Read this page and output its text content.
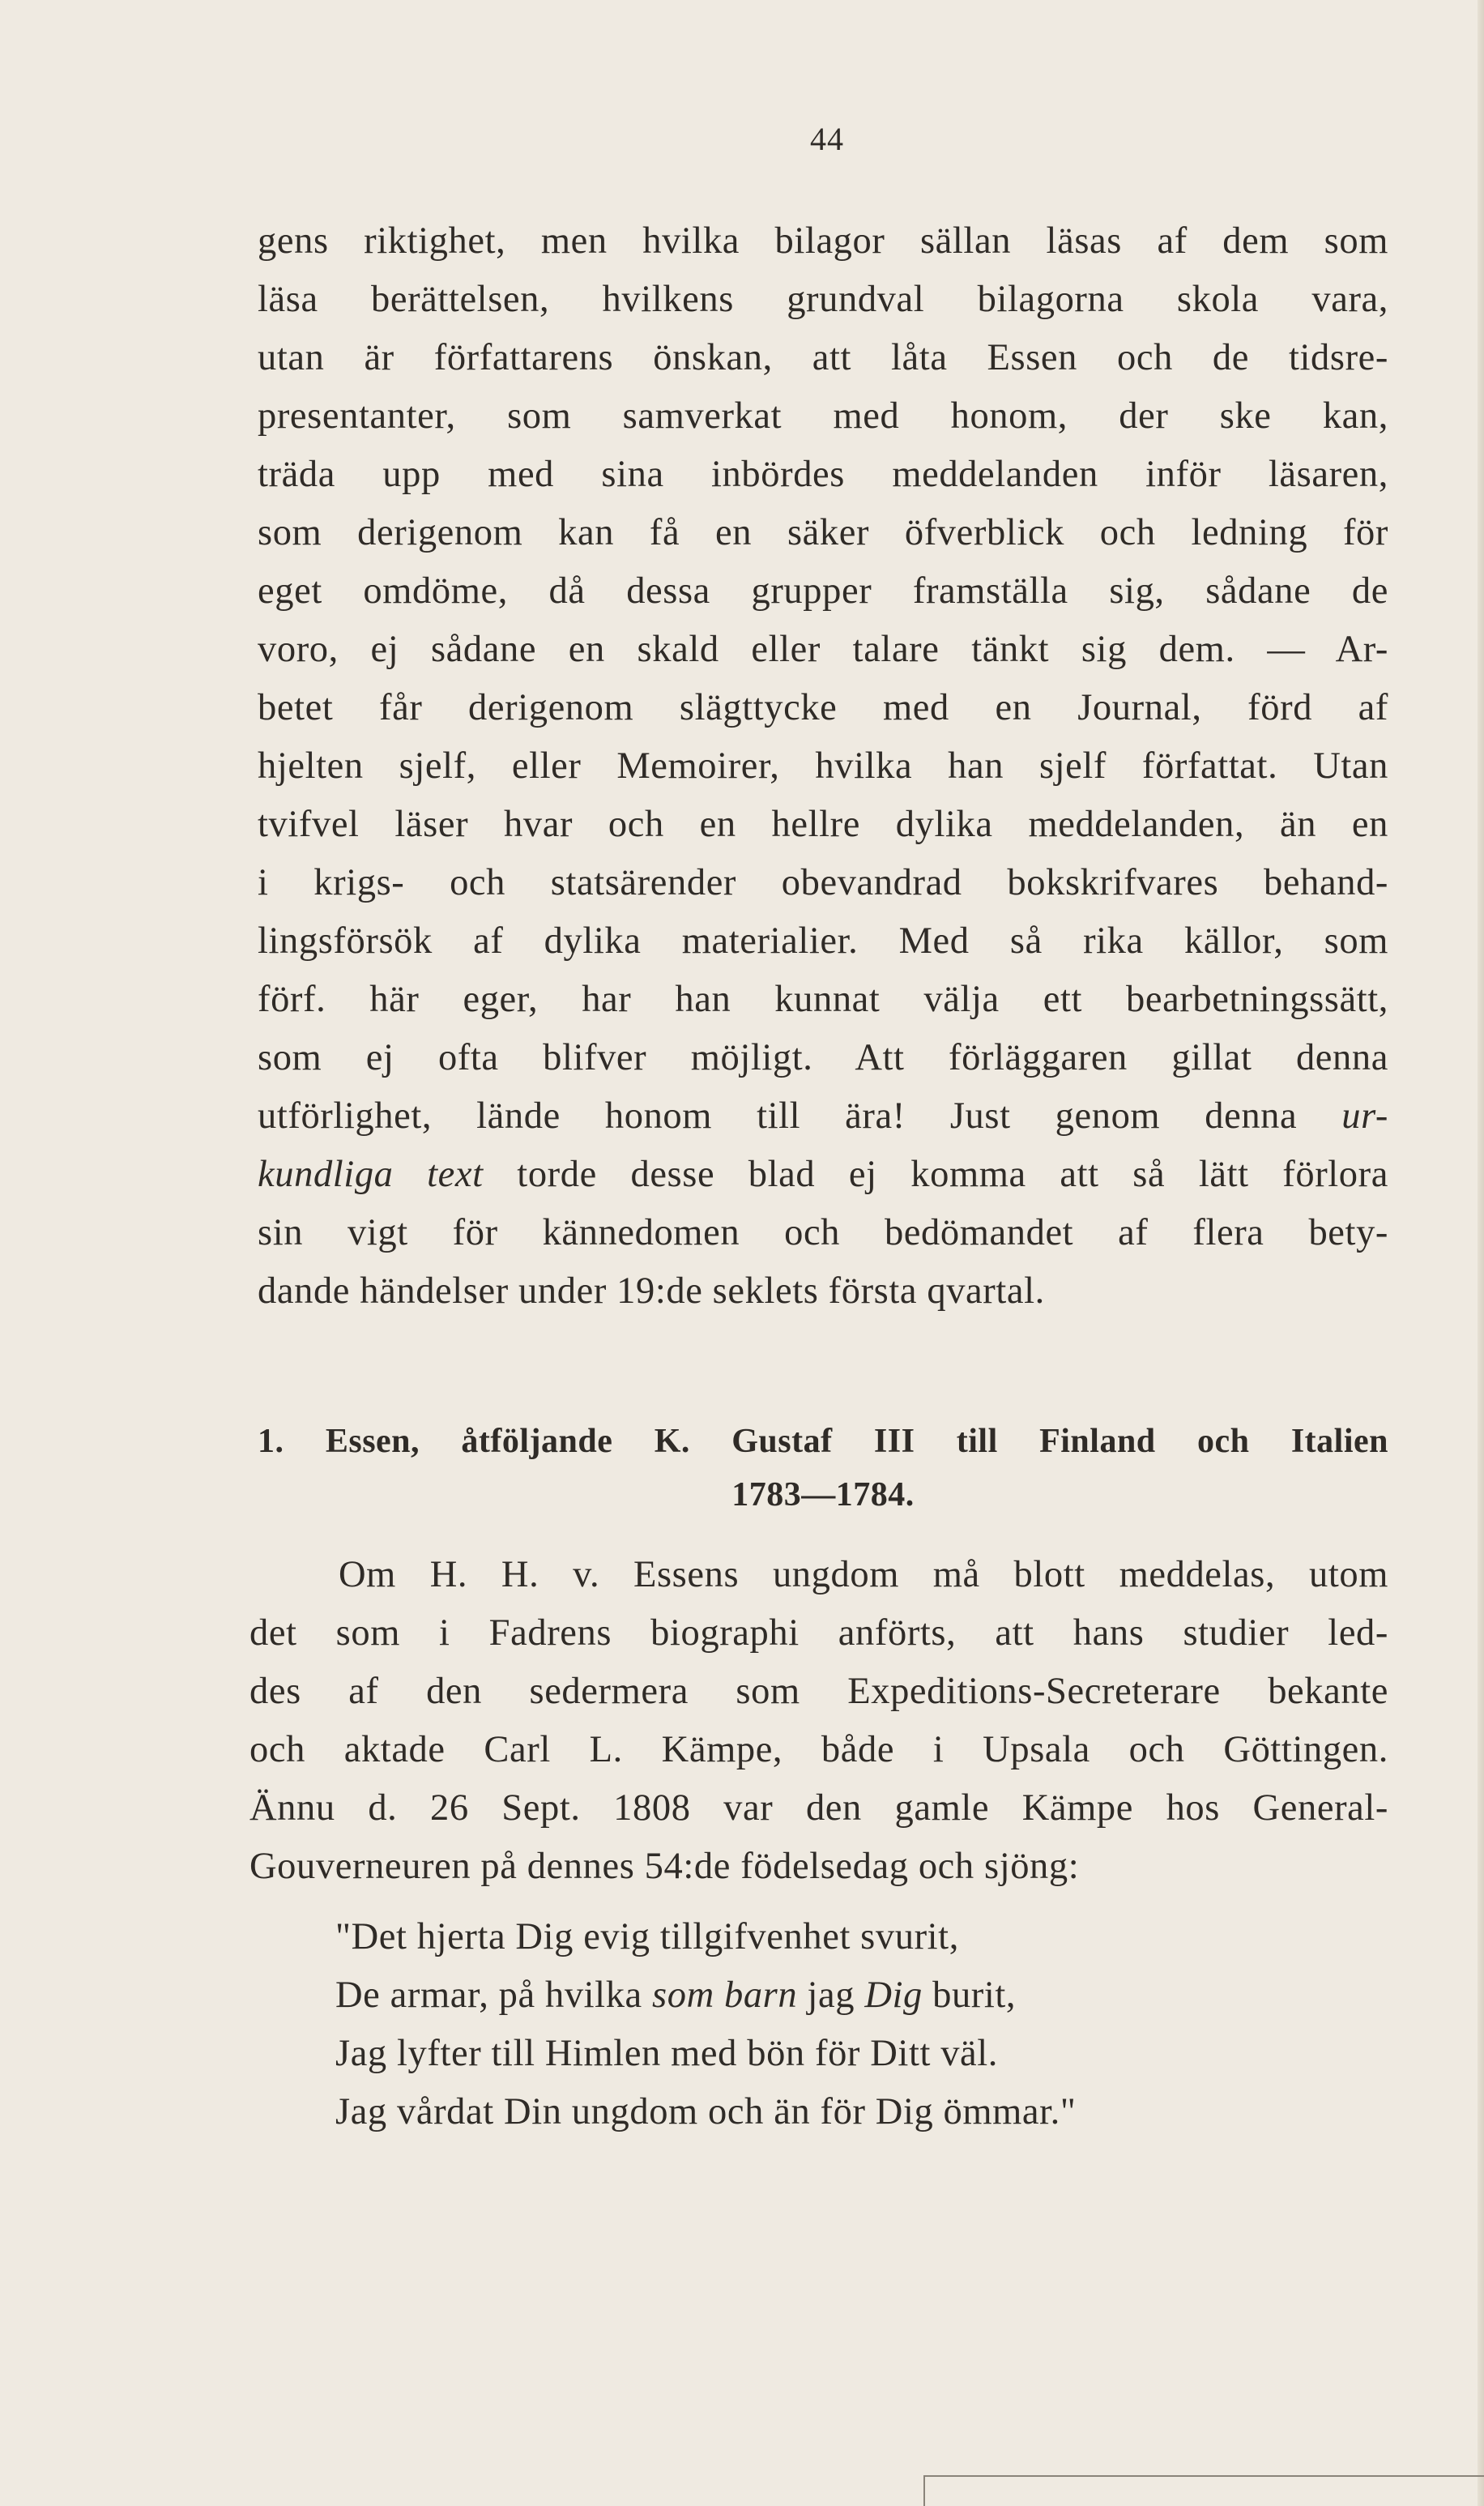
44
gens riktighet, men hvilka bilagor sällan läsas af dem som
läsa berättelsen, hvilkens grundval bilagorna skola vara,
utan är författarens önskan, att låta Essen och de tidsre-
presentanter, som samverkat med honom, der ske kan,
träda upp med sina inbördes meddelanden inför läsaren,
som derigenom kan få en säker öfverblick och ledning för
eget omdöme, då dessa grupper framställa sig, sådane de
voro, ej sådane en skald eller talare tänkt sig dem. — Ar-
betet får derigenom slägttycke med en Journal, förd af
hjelten sjelf, eller Memoirer, hvilka han sjelf författat. Utan
tvifvel läser hvar och en hellre dylika meddelanden, än en
i krigs- och statsärender obevandrad bokskrifvares behand-
lingsförsök af dylika materialier. Med så rika källor, som
förf. här eger, har han kunnat välja ett bearbetningssätt,
som ej ofta blifver möjligt. Att förläggaren gillat denna
utförlighet, lände honom till ära! Just genom denna ur-
kundliga text torde desse blad ej komma att så lätt förlora
sin vigt för kännedomen och bedömandet af flera bety-
dande händelser under 19:de seklets första qvartal.
1. Essen, åtföljande K. Gustaf III till Finland och Italien
1783—1784.
Om H. H. v. Essens ungdom må blott meddelas, utom
det som i Fadrens biographi anförts, att hans studier led-
des af den sedermera som Expeditions-Secreterare bekante
och aktade Carl L. Kämpe, både i Upsala och Göttingen.
Ännu d. 26 Sept. 1808 var den gamle Kämpe hos General-
Gouverneuren på dennes 54:de födelsedag och sjöng:
"Det hjerta Dig evig tillgifvenhet svurit,
De armar, på hvilka som barn jag Dig burit,
Jag lyfter till Himlen med bön för Ditt väl.
Jag vårdat Din ungdom och än för Dig ömmar."
